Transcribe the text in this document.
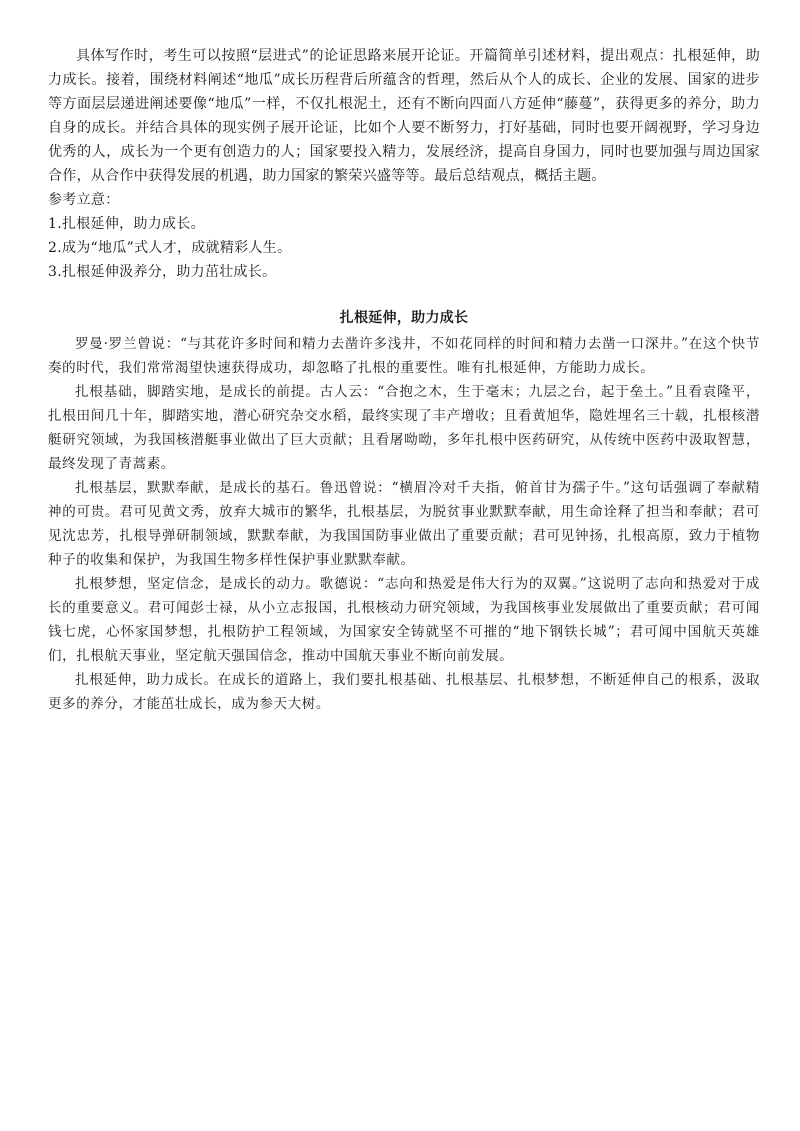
具体写作时，考生可以按照“层进式”的论证思路来展开论证。开篇简单引述材料，提出观点：扎根延伸，助力成长。接着，围绕材料阐述“地瓜”成长历程背后所蕴含的哲理，然后从个人的成长、企业的发展、国家的进步等方面层层递进阐述要像“地瓜”一样，不仅扎根泥土，还有不断向四面八方延伸“藤蔓”，获得更多的养分，助力自身的成长。并结合具体的现实例子展开论证，比如个人要不断努力，打好基础，同时也要开阔视野，学习身边优秀的人，成长为一个更有创造力的人；国家要投入精力，发展经济，提高自身国力，同时也要加强与周边国家合作，从合作中获得发展的机遇，助力国家的繁荣兴盛等等。最后总结观点，概括主题。

参考立意：

1.扎根延伸，助力成长。

2.成为“地瓜”式人才，成就精彩人生。

3.扎根延伸汲养分，助力茁壮成长。

扎根延伸，助力成长

罗曼·罗兰曾说：“与其花许多时间和精力去凿许多浅井，不如花同样的时间和精力去凿一口深井。”在这个快节奏的时代，我们常常渴望快速获得成功，却忽略了扎根的重要性。唯有扎根延伸，方能助力成长。

扎根基础，脚踏实地，是成长的前提。古人云：“合抱之木，生于毫末；九层之台，起于垒土。”且看袁隆平，扎根田间几十年，脚踏实地，潜心研究杂交水稻，最终实现了丰产增收；且看黄旭华，隐姓埋名三十载，扎根核潜艇研究领域，为我国核潜艇事业做出了巨大贡献；且看屠呦呦，多年扎根中医药研究，从传统中医药中汲取智慧，最终发现了青蒿素。

扎根基层，默默奉献，是成长的基石。鲁迅曾说：“横眉冷对千夫指，俯首甘为孺子牛。”这句话强调了奉献精神的可贵。君可见黄文秀，放弃大城市的繁华，扎根基层，为脱贫事业默默奉献，用生命诠释了担当和奉献；君可见沈忠芳，扎根导弹研制领域，默默奉献，为我国国防事业做出了重要贡献；君可见钟扬，扎根高原，致力于植物种子的收集和保护，为我国生物多样性保护事业默默奉献。

扎根梦想，坚定信念，是成长的动力。歌德说：“志向和热爱是伟大行为的双翼。”这说明了志向和热爱对于成长的重要意义。君可闻彭士禄，从小立志报国，扎根核动力研究领域，为我国核事业发展做出了重要贡献；君可闻钱七虎，心怀家国梦想，扎根防护工程领域，为国家安全铸就坚不可摧的“地下钢铁长城”；君可闻中国航天英雄们，扎根航天事业，坚定航天强国信念，推动中国航天事业不断向前发展。

扎根延伸，助力成长。在成长的道路上，我们要扎根基础、扎根基层、扎根梦想，不断延伸自己的根系，汲取更多的养分，才能茁壮成长，成为参天大树。
